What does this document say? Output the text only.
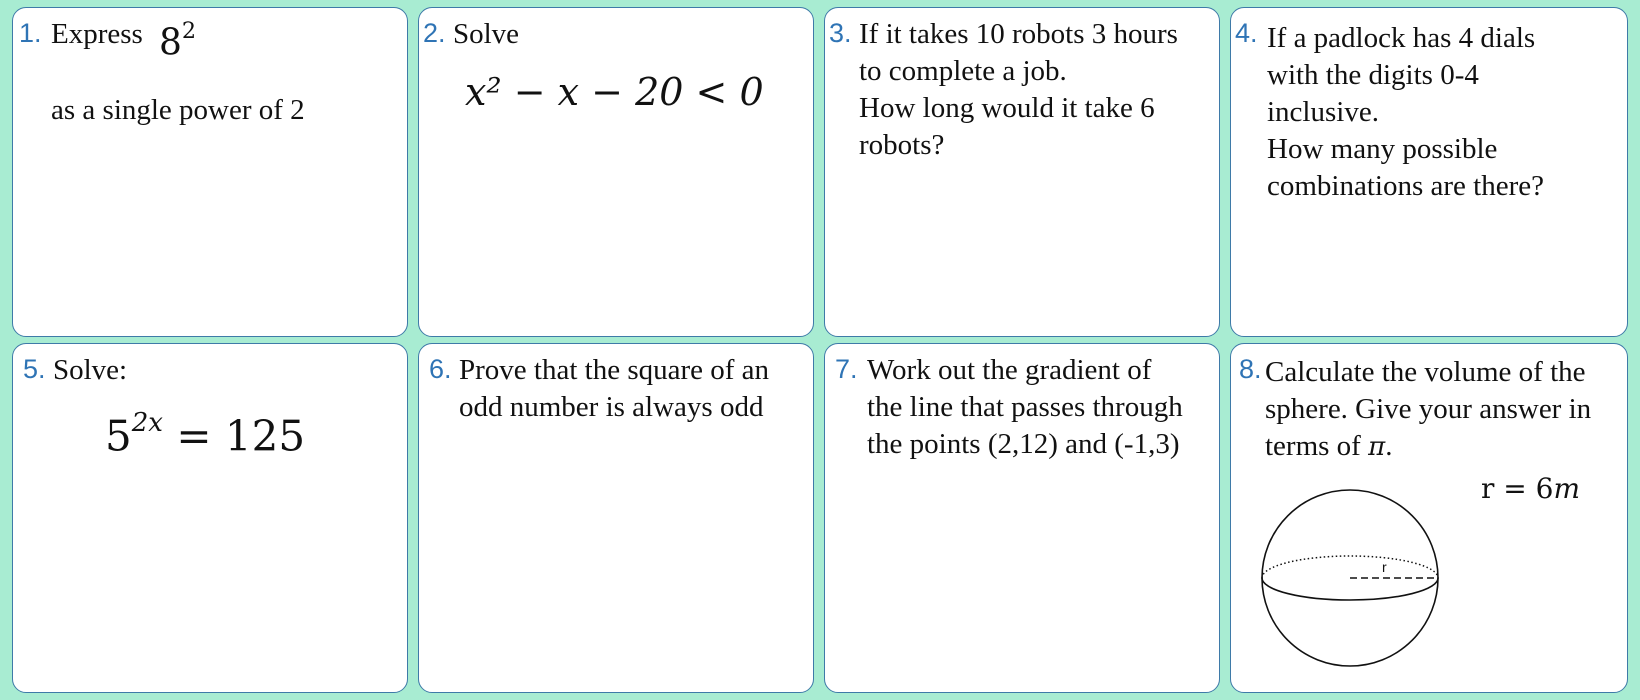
1. Express $8^2$
as a single power of 2
2. Solve
x² − x − 20 < 0
3. If it takes 10 robots 3 hours
to complete a job.
How long would it take 6
robots?
4. If a padlock has 4 dials
with the digits 0-4
inclusive.
How many possible
combinations are there?
5. Solve:
$5^{2x} = 125$
6. Prove that the square of an
odd number is always odd
7. Work out the gradient of
the line that passes through
the points (2,12) and (-1,3)
8. Calculate the volume of the
sphere. Give your answer in
terms of π.
r = 6m
r
